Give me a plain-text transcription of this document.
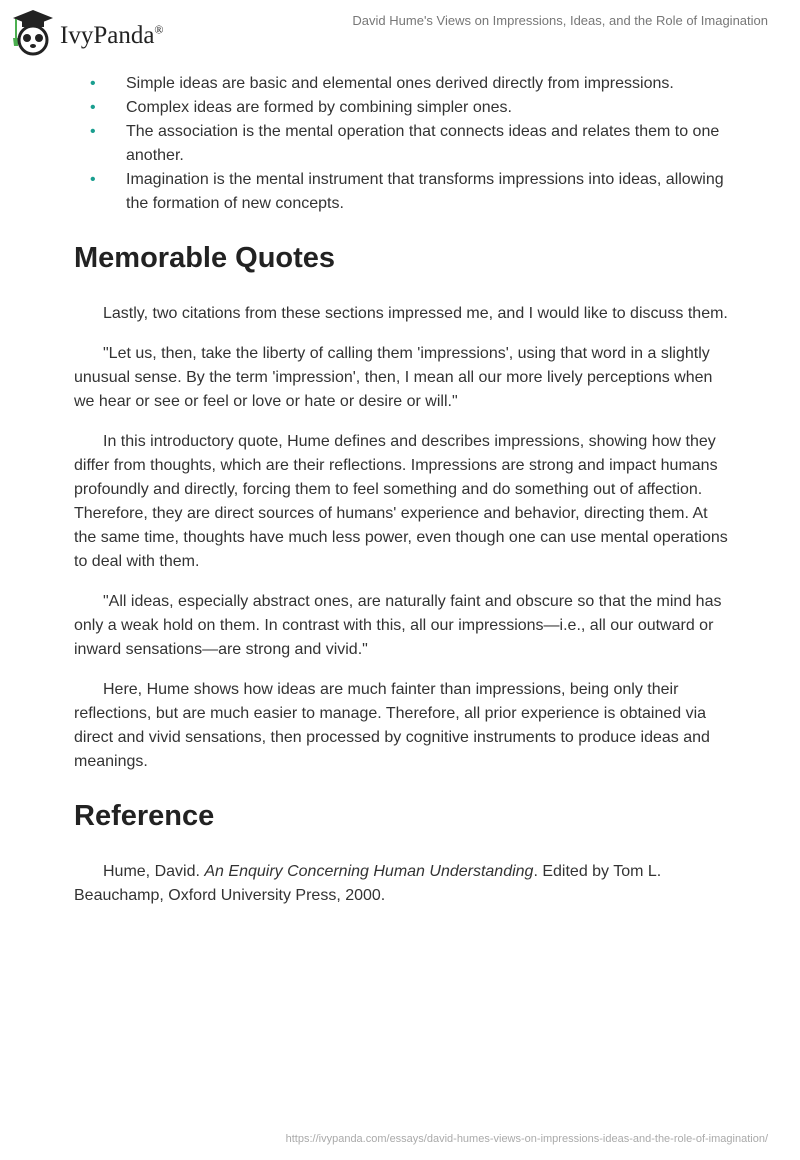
IvyPanda®
David Hume's Views on Impressions, Ideas, and the Role of Imagination
• Simple ideas are basic and elemental ones derived directly from impressions.
• Complex ideas are formed by combining simpler ones.
• The association is the mental operation that connects ideas and relates them to one another.
• Imagination is the mental instrument that transforms impressions into ideas, allowing the formation of new concepts.
Memorable Quotes

Lastly, two citations from these sections impressed me, and I would like to discuss them.

"Let us, then, take the liberty of calling them 'impressions', using that word in a slightly unusual sense. By the term 'impression', then, I mean all our more lively perceptions when we hear or see or feel or love or hate or desire or will."

In this introductory quote, Hume defines and describes impressions, showing how they differ from thoughts, which are their reflections. Impressions are strong and impact humans profoundly and directly, forcing them to feel something and do something out of affection. Therefore, they are direct sources of humans' experience and behavior, directing them. At the same time, thoughts have much less power, even though one can use mental operations to deal with them.

"All ideas, especially abstract ones, are naturally faint and obscure so that the mind has only a weak hold on them. In contrast with this, all our impressions—i.e., all our outward or inward sensations—are strong and vivid."

Here, Hume shows how ideas are much fainter than impressions, being only their reflections, but are much easier to manage. Therefore, all prior experience is obtained via direct and vivid sensations, then processed by cognitive instruments to produce ideas and meanings.

Reference

Hume, David. An Enquiry Concerning Human Understanding. Edited by Tom L. Beauchamp, Oxford University Press, 2000.

https://ivypanda.com/essays/david-humes-views-on-impressions-ideas-and-the-role-of-imagination/
